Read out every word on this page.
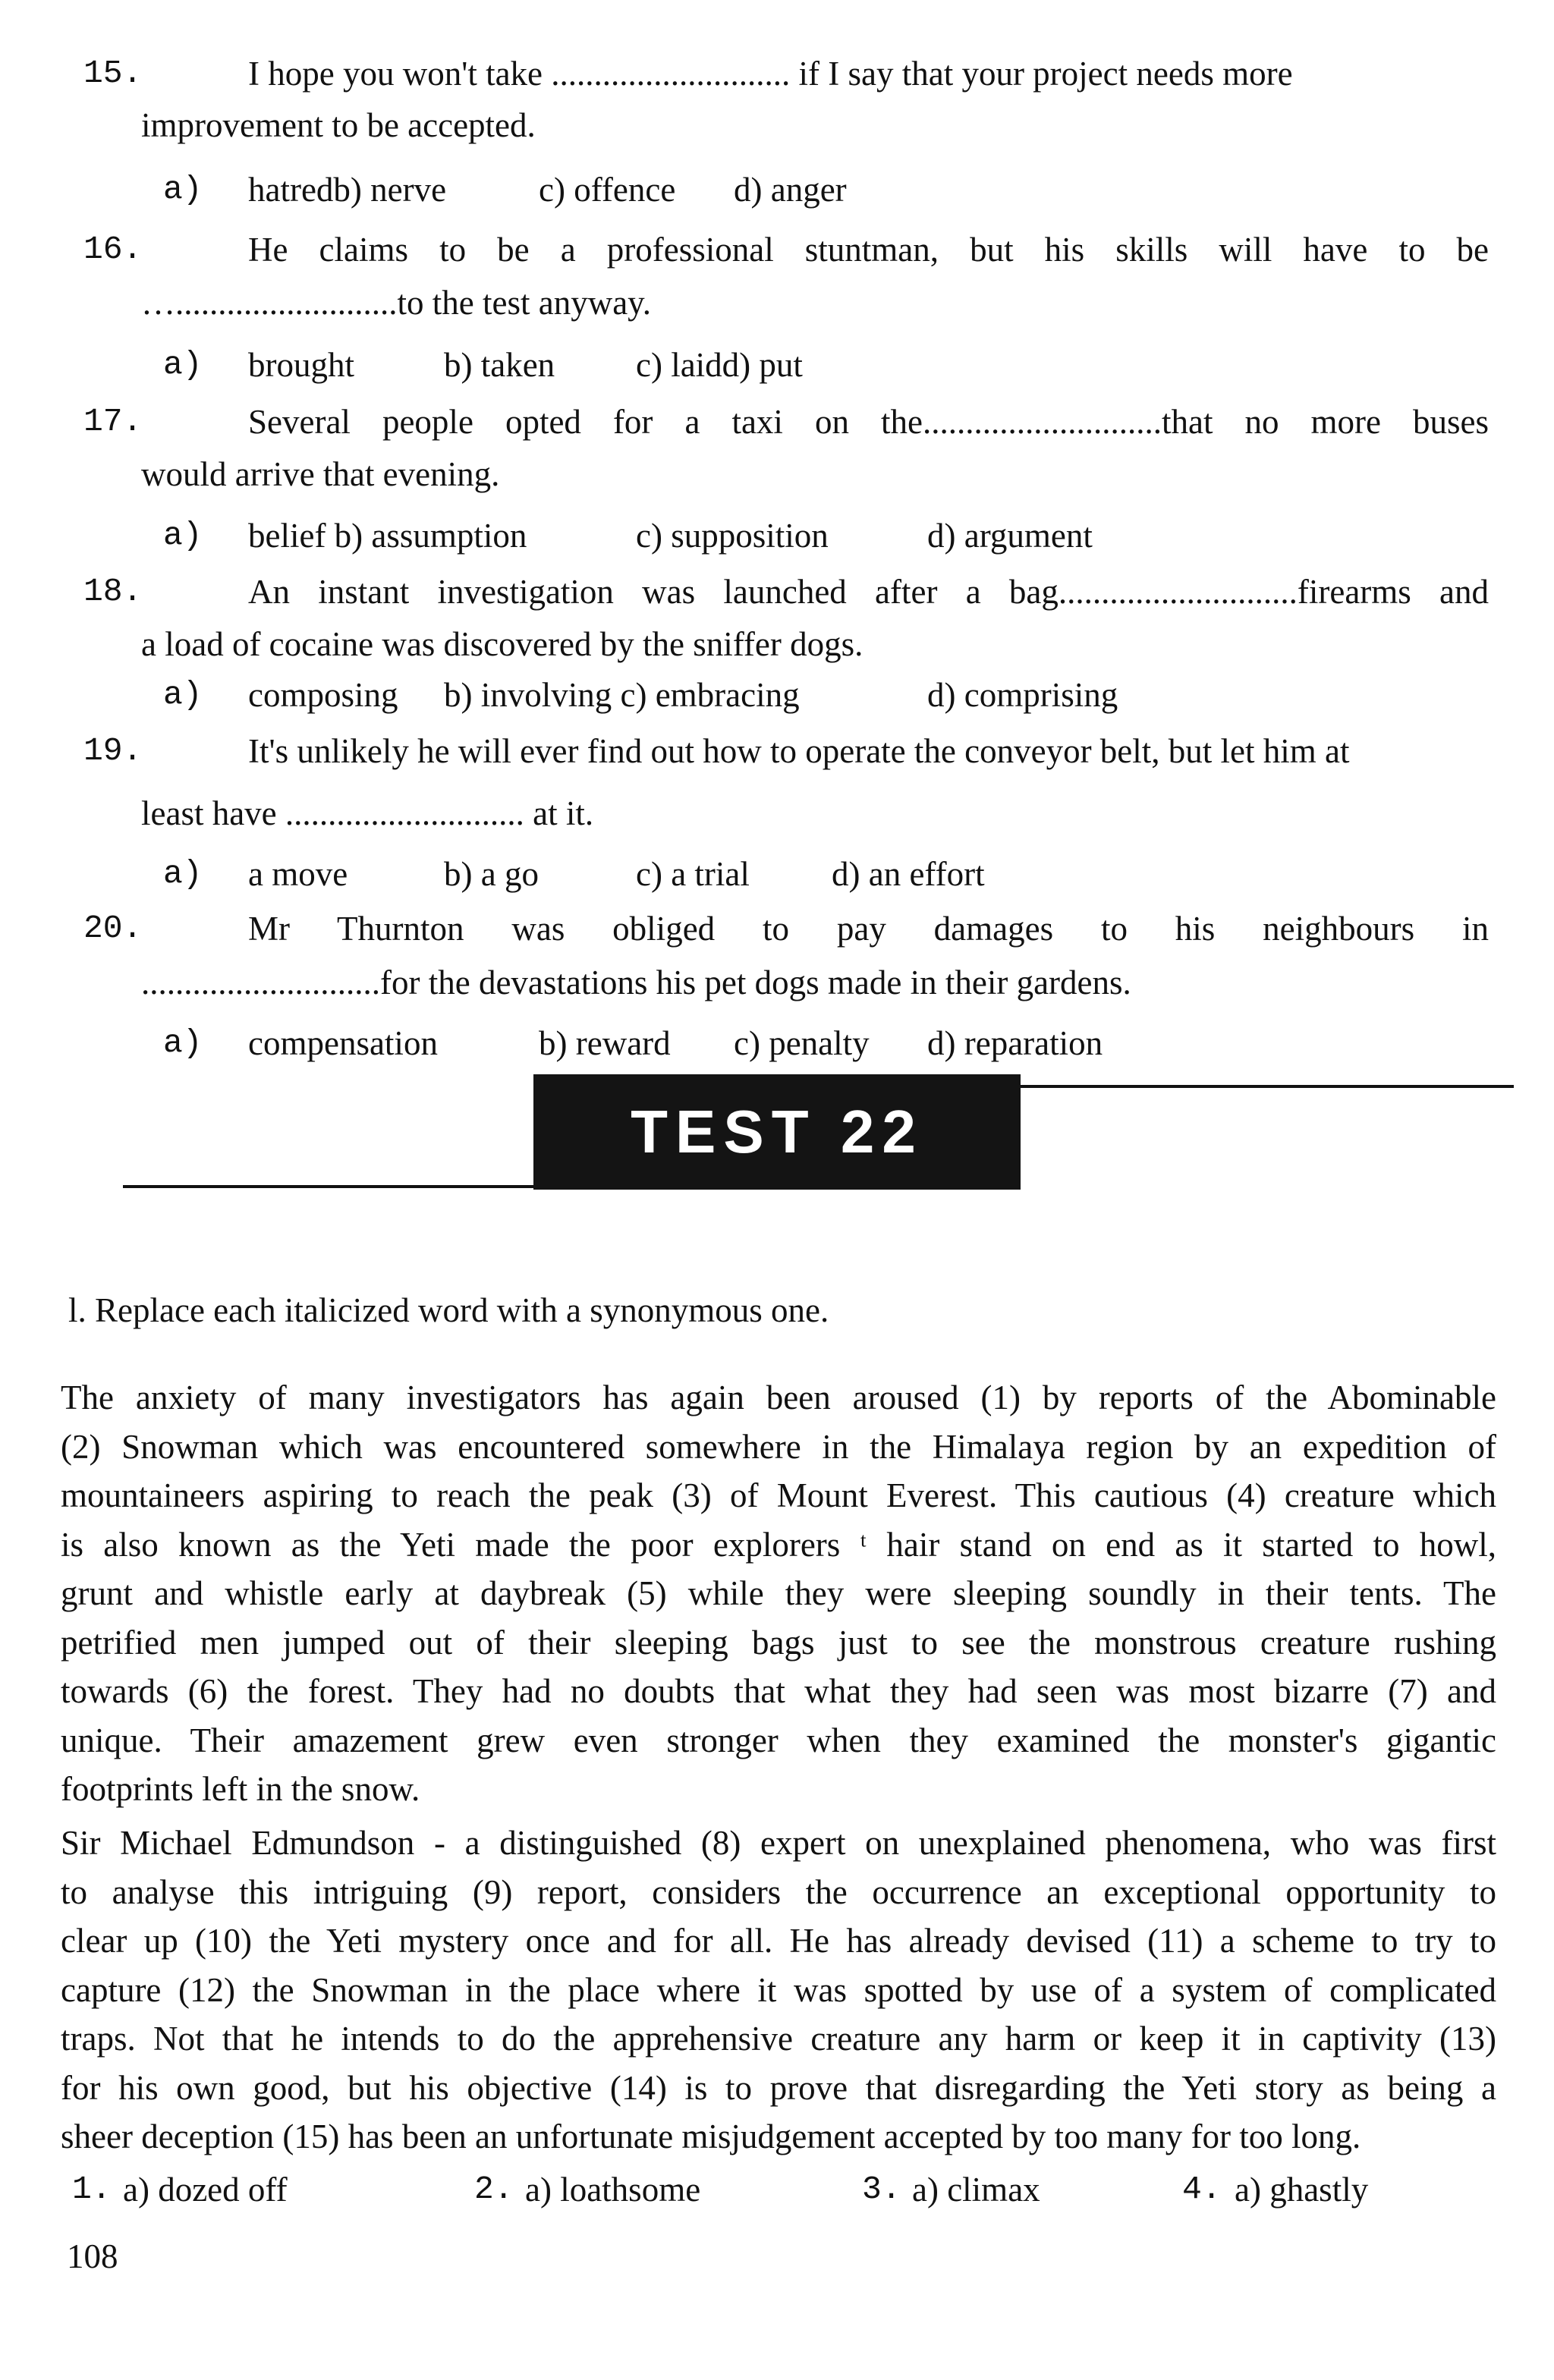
15.	I hope you won't take ............................ if I say that your project needs more
improvement to be accepted.
a) hatredb) nerve	c) offence d) anger
16.	He claims to be a professional stuntman, but his skills will have to be
…..........................to the test anyway.
a) brought	b) taken c) laidd) put
17.	Several people opted for a taxi on the............................that no more buses
would arrive that evening.
a) belief b) assumption	c) supposition	d) argument
18.	An instant investigation was launched after a bag............................firearms and
a load of cocaine was discovered by the sniffer dogs.
a) composing b) involving c) embracing	d) comprising
19.	It's unlikely he will ever find out how to operate the conveyor belt, but let him at
least have ............................ at it.
a) a move	b) a go	c) a trial d) an effort
20.	Mr Thurnton was obliged to pay damages to his neighbours in
............................for the devastations his pet dogs made in their gardens.
a) compensation	b) reward c) penalty d) reparation
TEST 22
l. Replace each italicized word with a synonymous one.
The anxiety of many investigators has again been aroused (1) by reports of the Abominable
(2) Snowman which was encountered somewhere in the Himalaya region by an expedition of
mountaineers aspiring to reach the peak (3) of Mount Everest. This cautious (4) creature which
is also known as the Yeti made the poor explorers ᵗ hair stand on end as it started to howl,
grunt and whistle early at daybreak (5) while they were sleeping soundly in their tents. The
petrified men jumped out of their sleeping bags just to see the monstrous creature rushing
towards (6) the forest. They had no doubts that what they had seen was most bizarre (7) and
unique. Their amazement grew even stronger when they examined the monster's gigantic
footprints left in the snow.
Sir Michael Edmundson - a distinguished (8) expert on unexplained phenomena, who was first
to analyse this intriguing (9) report, considers the occurrence an exceptional opportunity to
clear up (10) the Yeti mystery once and for all. He has already devised (11) a scheme to try to
capture (12) the Snowman in the place where it was spotted by use of a system of complicated
traps. Not that he intends to do the apprehensive creature any harm or keep it in captivity (13)
for his own good, but his objective (14) is to prove that disregarding the Yeti story as being a
sheer deception (15) has been an unfortunate misjudgement accepted by too many for too long.
1. a) dozed off	2. a) loathsome	3. a) climax	4. a) ghastly
108
